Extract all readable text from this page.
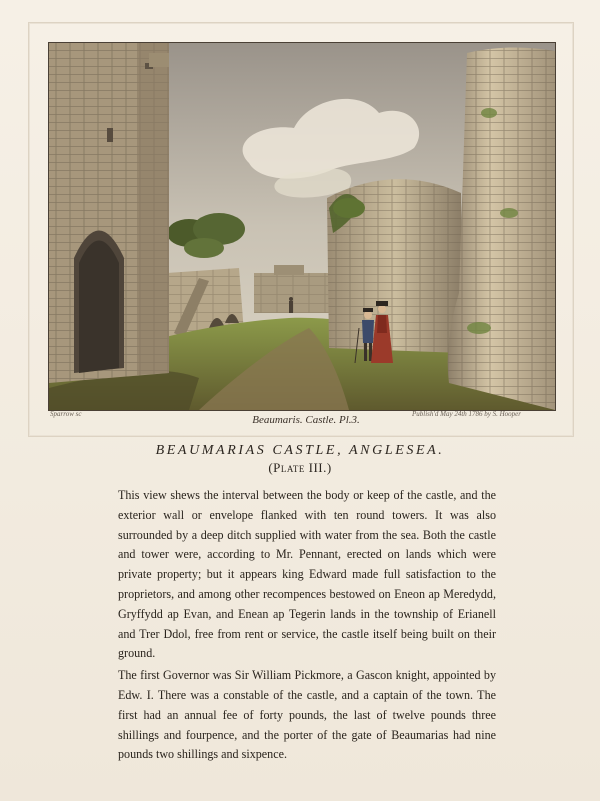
Sparrow sc	Beaumaris. Castle. Pl.3.	Publish'd May 24th 1786 by S. Hooper
BEAUMARIAS CASTLE, ANGLESEA.
(Plate III.)

This view shews the interval between the body or keep of the castle, and the exterior wall or envelope flanked with ten round towers. It was also surrounded by a deep ditch supplied with water from the sea. Both the castle and tower were, according to Mr. Pennant, erected on lands which were private property; but it appears king Edward made full satisfaction to the proprietors, and among other recompences bestowed on Eneon ap Meredydd, Gryffydd ap Evan, and Enean ap Tegerin lands in the township of Erianell and Trer Ddol, free from rent or service, the castle itself being built on their ground.

The first Governor was Sir William Pickmore, a Gascon knight, appointed by Edw. I. There was a constable of the castle, and a captain of the town. The first had an annual fee of forty pounds, the last of twelve pounds three shillings and fourpence, and the porter of the gate of Beaumarias had nine pounds two shillings and sixpence.
